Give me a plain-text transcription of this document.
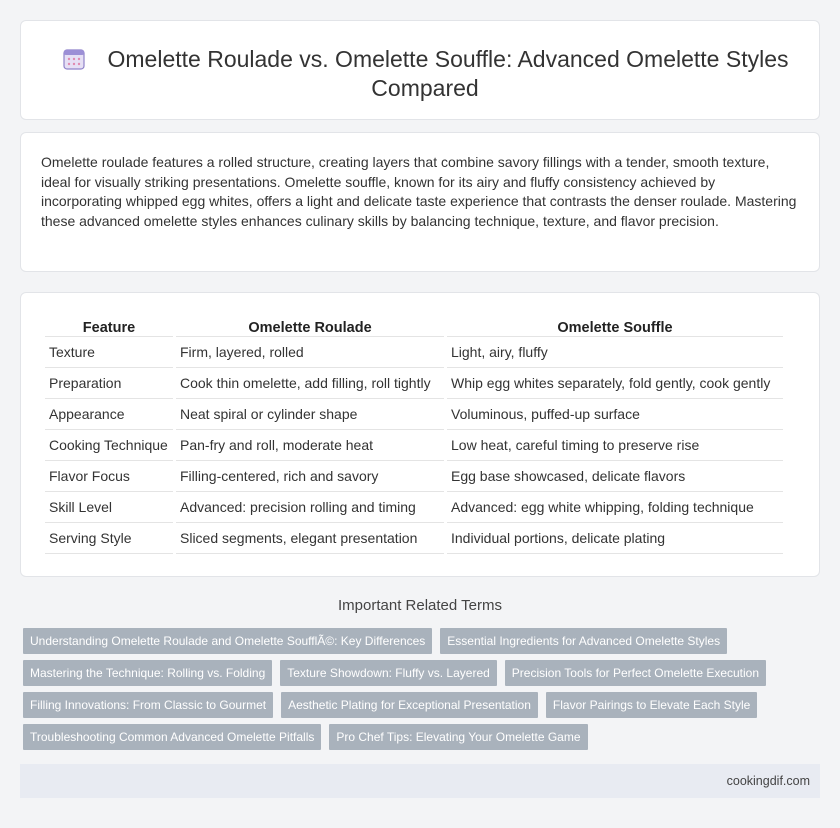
Omelette Roulade vs. Omelette Souffle: Advanced Omelette Styles Compared

Omelette roulade features a rolled structure, creating layers that combine savory fillings with a tender, smooth texture, ideal for visually striking presentations. Omelette souffle, known for its airy and fluffy consistency achieved by incorporating whipped egg whites, offers a light and delicate taste experience that contrasts the denser roulade. Mastering these advanced omelette styles enhances culinary skills by balancing technique, texture, and flavor precision.

Feature	Omelette Roulade	Omelette Souffle
Texture	Firm, layered, rolled	Light, airy, fluffy
Preparation	Cook thin omelette, add filling, roll tightly	Whip egg whites separately, fold gently, cook gently
Appearance	Neat spiral or cylinder shape	Voluminous, puffed-up surface
Cooking Technique	Pan-fry and roll, moderate heat	Low heat, careful timing to preserve rise
Flavor Focus	Filling-centered, rich and savory	Egg base showcased, delicate flavors
Skill Level	Advanced: precision rolling and timing	Advanced: egg white whipping, folding technique
Serving Style	Sliced segments, elegant presentation	Individual portions, delicate plating
Important Related Terms
Understanding Omelette Roulade and Omelette SoufflÃ©: Key Differences	Essential Ingredients for Advanced Omelette Styles
Mastering the Technique: Rolling vs. Folding	Texture Showdown: Fluffy vs. Layered	Precision Tools for Perfect Omelette Execution
Filling Innovations: From Classic to Gourmet	Aesthetic Plating for Exceptional Presentation	Flavor Pairings to Elevate Each Style
Troubleshooting Common Advanced Omelette Pitfalls	Pro Chef Tips: Elevating Your Omelette Game
cookingdif.com
